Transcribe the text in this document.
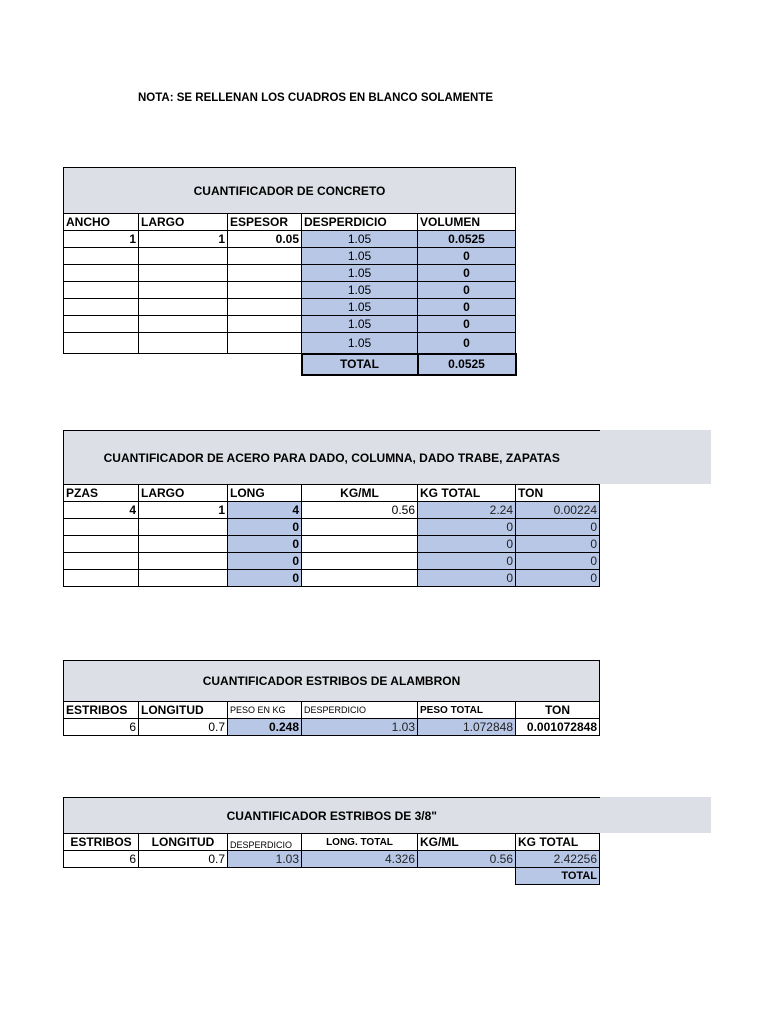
NOTA: SE RELLENAN LOS CUADROS EN BLANCO SOLAMENTE
CUANTIFICADOR DE CONCRETO				
ANCHO	LARGO	ESPESOR	DESPERDICIO	VOLUMEN
1	1	0.05	1.05	0.0525
			1.05	0
			1.05	0
			1.05	0
			1.05	0
			1.05	0
			1.05	0
			TOTAL	0.0525
CUANTIFICADOR DE ACERO PARA DADO, COLUMNA, DADO TRABE, ZAPATAS					
PZAS	LARGO	LONG	KG/ML	KG TOTAL	TON
4	1	4	0.56	2.24	0.00224
		0		0	0
		0		0	0
		0		0	0
		0		0	0
CUANTIFICADOR ESTRIBOS DE ALAMBRON					
ESTRIBOS	LONGITUD	PESO EN KG	DESPERDICIO	PESO TOTAL	TON
6	0.7	0.248	1.03	1.072848	0.001072848
CUANTIFICADOR ESTRIBOS DE 3/8"					
ESTRIBOS	LONGITUD	DESPERDICIO	LONG. TOTAL	KG/ML	KG TOTAL
6	0.7	1.03	4.326	0.56	2.42256
					TOTAL
